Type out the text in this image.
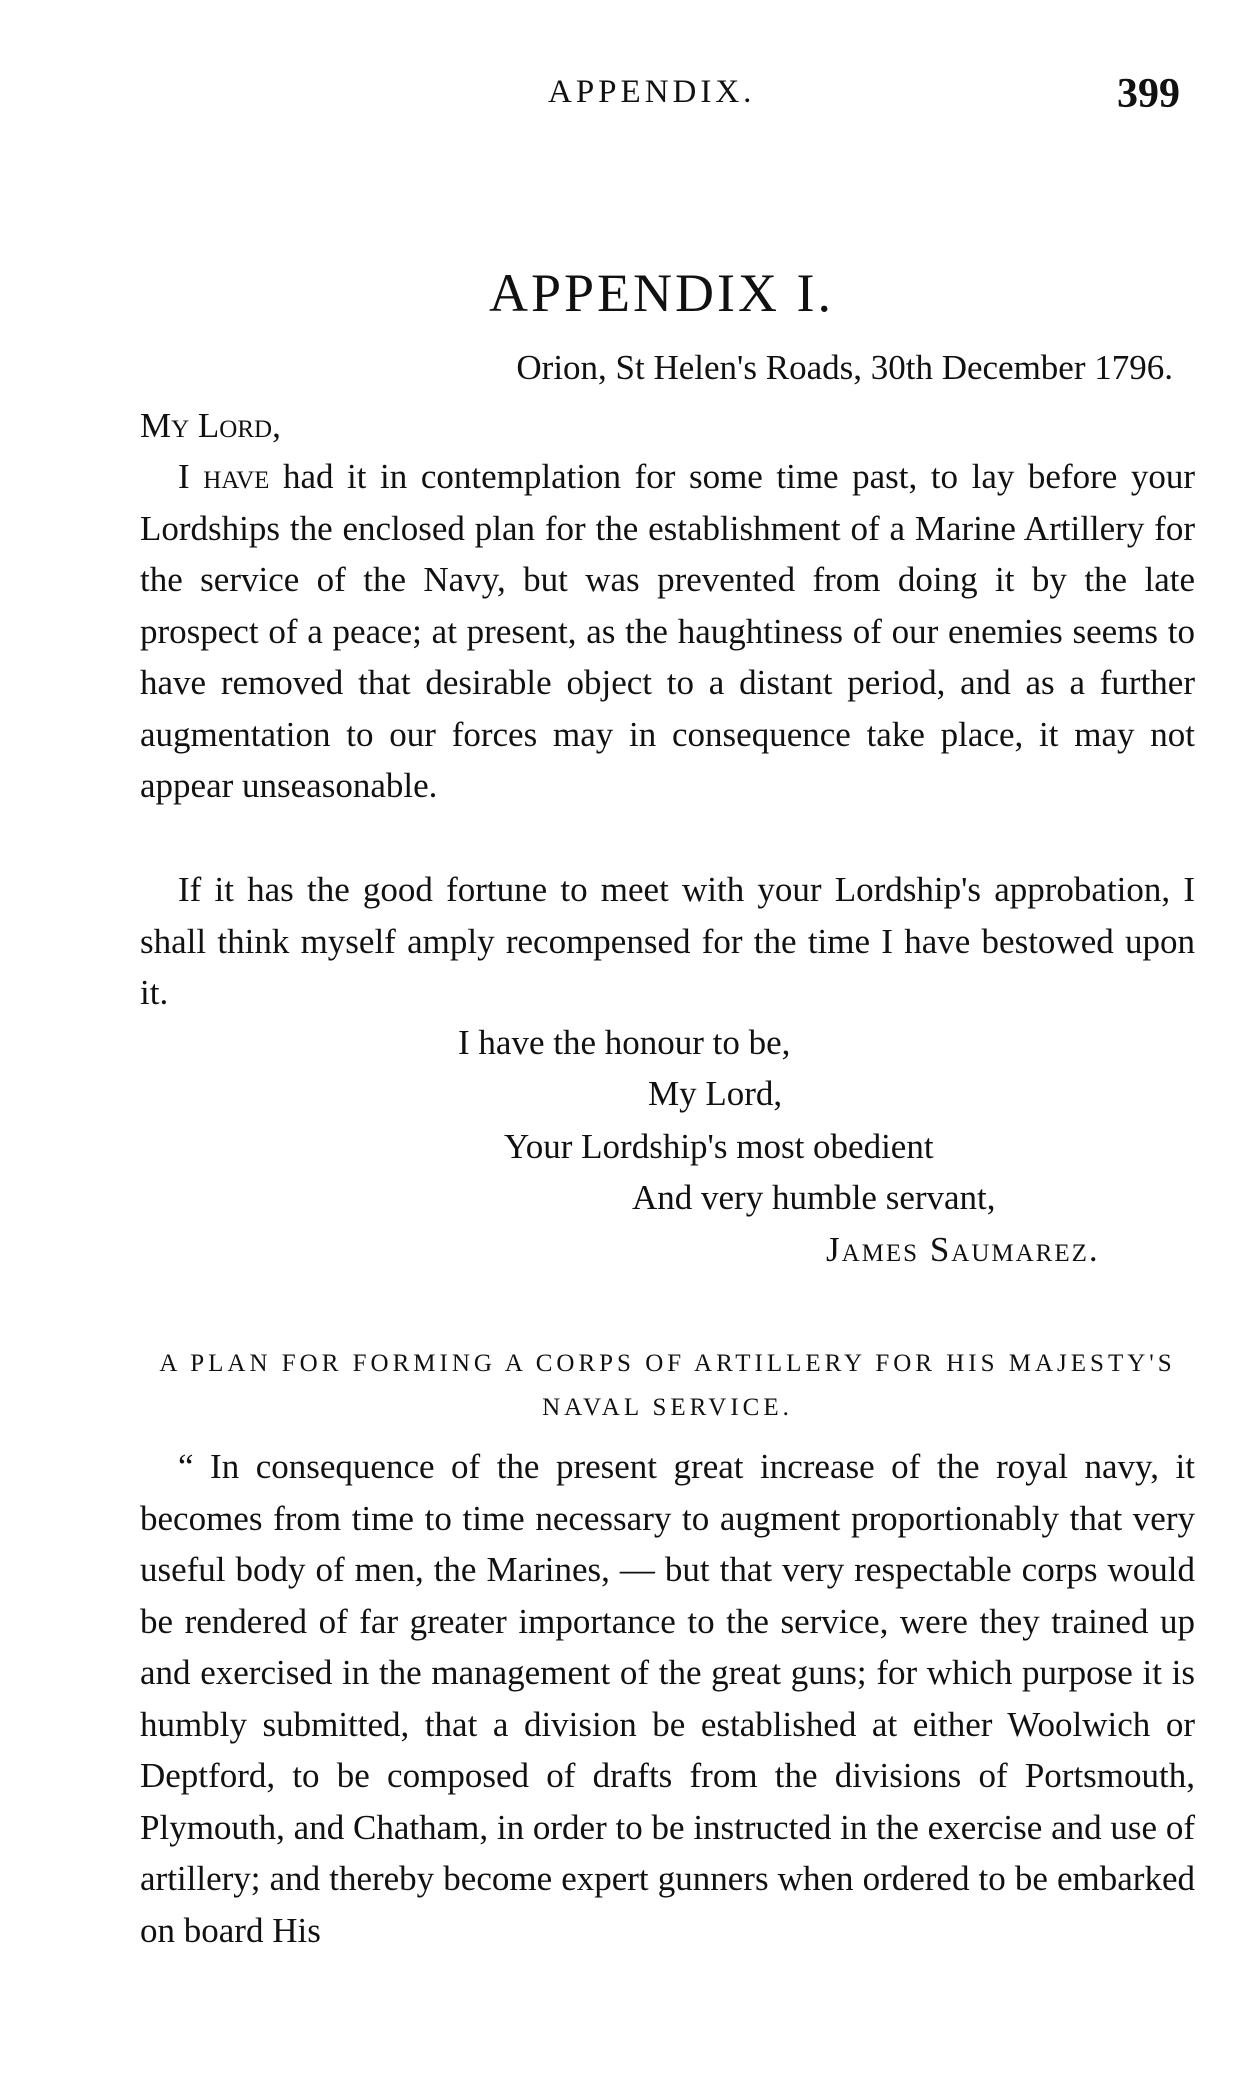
APPENDIX.	399
APPENDIX I.
Orion, St Helen's Roads, 30th December 1796.
My Lord,

I have had it in contemplation for some time past, to lay before your Lordships the enclosed plan for the establishment of a Marine Artillery for the service of the Navy, but was prevented from doing it by the late prospect of a peace; at present, as the haughtiness of our enemies seems to have removed that desirable object to a distant period, and as a further augmentation to our forces may in consequence take place, it may not appear unseasonable.

If it has the good fortune to meet with your Lordship's approbation, I shall think myself amply recompensed for the time I have bestowed upon it.

I have the honour to be,
My Lord,
Your Lordship's most obedient
And very humble servant,
James Saumarez.
A PLAN FOR FORMING A CORPS OF ARTILLERY FOR HIS MAJESTY'S NAVAL SERVICE.

“ In consequence of the present great increase of the royal navy, it becomes from time to time necessary to augment proportionably that very useful body of men, the Marines, — but that very respectable corps would be rendered of far greater importance to the service, were they trained up and exercised in the management of the great guns; for which purpose it is humbly submitted, that a division be established at either Woolwich or Deptford, to be composed of drafts from the divisions of Portsmouth, Plymouth, and Chatham, in order to be instructed in the exercise and use of artillery; and thereby become expert gunners when ordered to be embarked on board His
